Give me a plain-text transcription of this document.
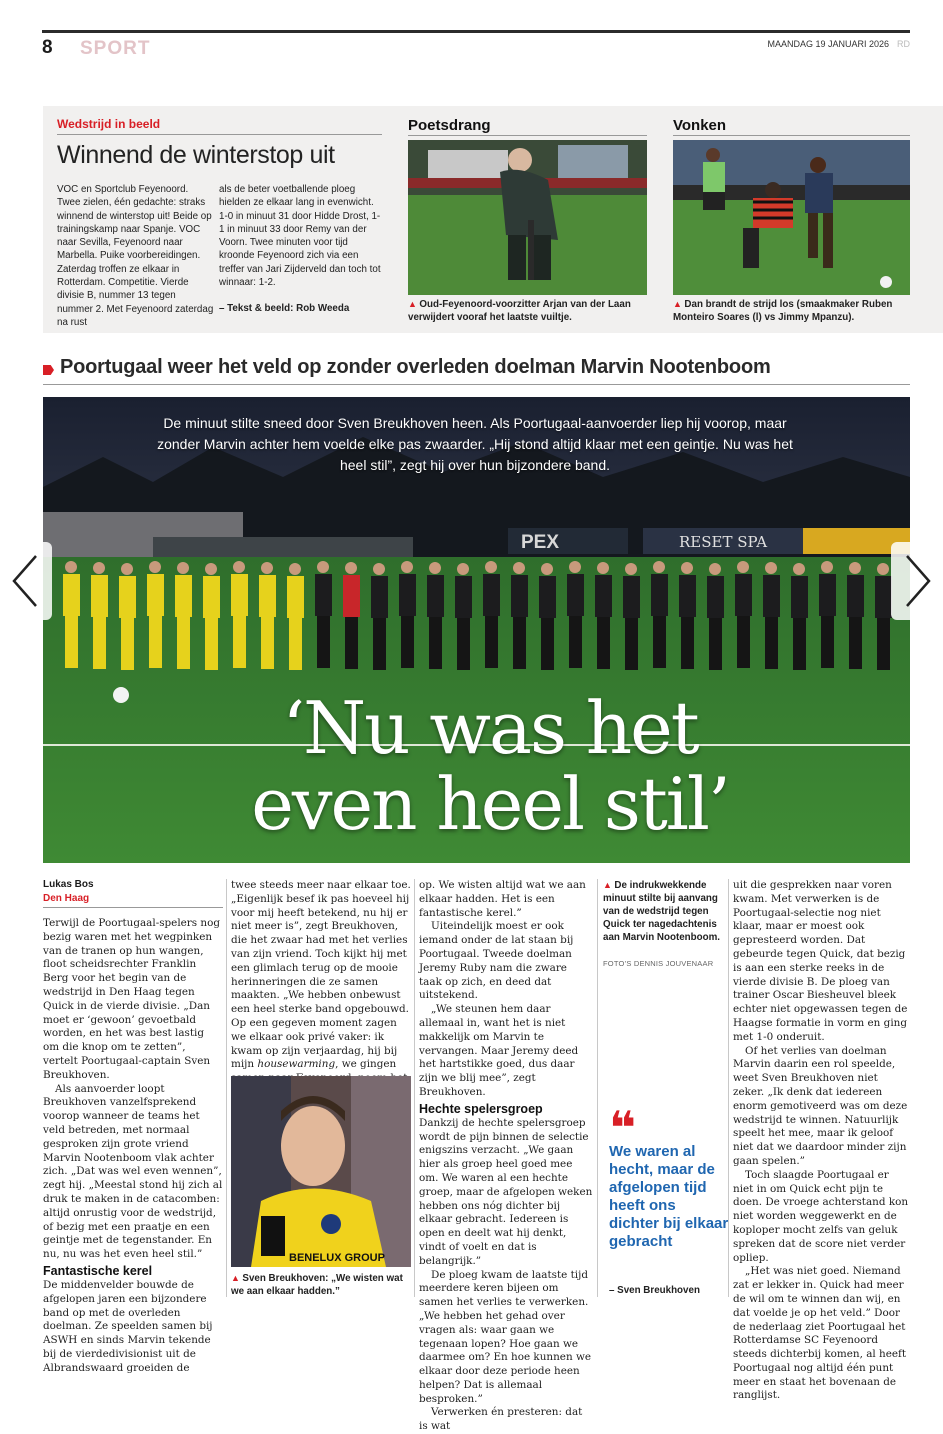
8 SPORT	MAANDAG 19 JANUARI 2026 RD
Wedstrijd in beeld
Winnend de winterstop uit
VOC en Sportclub Feyenoord. Twee zielen, één gedachte: straks winnend de winterstop uit! Beide op trainingskamp naar Spanje. VOC naar Sevilla, Feyenoord naar Marbella. Puike voorbereidingen. Zaterdag troffen ze elkaar in Rotterdam. Competitie. Vierde divisie B, nummer 13 tegen nummer 2. Met Feyenoord zaterdag na rust
als de beter voetballende ploeg hielden ze elkaar lang in evenwicht. 1-0 in minuut 31 door Hidde Drost, 1-1 in minuut 33 door Remy van der Voorn. Twee minuten voor tijd kroonde Feyenoord zich via een treffer van Jari Zijderveld dan toch tot winnaar: 1-2.
– Tekst & beeld: Rob Weeda
Poetsdrang
▲ Oud-Feyenoord-voorzitter Arjan van der Laan verwijdert vooraf het laatste vuiltje.
Vonken
▲ Dan brandt de strijd los (smaakmaker Ruben Monteiro Soares (l) vs Jimmy Mpanzu).
Poortugaal weer het veld op zonder overleden doelman Marvin Nootenboom
PEX	RESET SPA
De minuut stilte sneed door Sven Breukhoven heen. Als Poortugaal-aanvoerder liep hij voorop, maar zonder Marvin achter hem voelde elke pas zwaarder. „Hij stond altijd klaar met een geintje. Nu was het heel stil”, zegt hij over hun bijzondere band.
‘Nu was het
even heel stil’
Lukas Bos
Den Haag

Terwijl de Poortugaal-spelers nog bezig waren met het wegpinken van de tranen op hun wangen, floot scheidsrechter Franklin Berg voor het begin van de wedstrijd in Den Haag tegen Quick in de vierde divisie. „Dan moet er ‘gewoon’ gevoetbald worden, en het was best lastig om die knop om te zetten”, vertelt Poortugaal-captain Sven Breukhoven.

Als aanvoerder loopt Breukhoven vanzelfsprekend voorop wanneer de teams het veld betreden, met normaal gesproken zijn grote vriend Marvin Nootenboom vlak achter zich. „Dat was wel even wennen”, zegt hij. „Meestal stond hij zich al druk te maken in de catacomben: altijd onrustig voor de wedstrijd, of bezig met een praatje en een geintje met de tegenstander. En nu, nu was het even heel stil.”

Fantastische kerel

De middenvelder bouwde de afgelopen jaren een bijzondere band op met de overleden doelman. Ze speelden samen bij ASWH en sinds Marvin tekende bij de vierdedivisionist uit de Albrandswaard groeiden de

twee steeds meer naar elkaar toe. „Eigenlijk besef ik pas hoeveel hij voor mij heeft betekend, nu hij er niet meer is”, zegt Breukhoven, die het zwaar had met het verlies van zijn vriend. Toch kijkt hij met een glimlach terug op de mooie herinneringen die ze samen maakten. „We hebben onbewust een heel sterke band opgebouwd. Op een gegeven moment zagen we elkaar ook privé vaker: ik kwam op zijn verjaardag, hij bij mijn housewarming, we gingen

BENELUX GROUP
▲ Sven Breukhoven: „We wisten wat we aan elkaar hadden.”

op. We wisten altijd wat we aan elkaar hadden. Het is een fantastische kerel.”

Uiteindelijk moest er ook iemand onder de lat staan bij Poortugaal. Tweede doelman Jeremy Ruby nam die zware taak op zich, en deed dat uitstekend.

„We steunen hem daar allemaal in, want het is niet makkelijk om Marvin te vervangen. Maar Jeremy deed het hartstikke goed, dus daar zijn we blij mee”, zegt Breukhoven.

Hechte spelersgroep

Dankzij de hechte spelersgroep wordt de pijn binnen de selectie enigszins verzacht. „We gaan hier als groep heel goed mee om. We waren al een hechte groep, maar de afgelopen weken hebben ons nóg dichter bij elkaar gebracht. Iedereen is open en deelt wat hij denkt, vindt of voelt en dat is belangrijk.”

De ploeg kwam de laatste tijd meerdere keren bijeen om samen het verlies te verwerken. „We hebben het gehad over vragen als: waar gaan we tegenaan lopen? Hoe gaan we daarmee om? En hoe kunnen we elkaar door deze periode heen helpen? Dat is allemaal besproken.”

Verwerken én presteren: dat is wat

▲ De indrukwekkende minuut stilte bij aanvang van de wedstrijd tegen Quick ter nagedachtenis aan Marvin Nootenboom.
FOTO’S DENNIS JOUVENAAR
❝
We waren al hecht, maar de afgelopen tijd heeft ons dichter bij elkaar gebracht
– Sven Breukhoven

uit die gesprekken naar voren kwam. Met verwerken is de Poortugaal-selectie nog niet klaar, maar er moest ook gepresteerd worden. Dat gebeurde tegen Quick, dat bezig is aan een sterke reeks in de vierde divisie B. De ploeg van trainer Oscar Biesheuvel bleek echter niet opgewassen tegen de Haagse formatie in vorm en ging met 1-0 onderuit.

Of het verlies van doelman Marvin daarin een rol speelde, weet Sven Breukhoven niet zeker. „Ik denk dat iedereen enorm gemotiveerd was om deze wedstrijd te winnen. Natuurlijk speelt het mee, maar ik geloof niet dat we daardoor minder zijn gaan spelen.”

Toch slaagde Poortugaal er niet in om Quick echt pijn te doen. De vroege achterstand kon niet worden weggewerkt en de koploper mocht zelfs van geluk spreken dat de score niet verder opliep.

„Het was niet goed. Niemand zat er lekker in. Quick had meer de wil om te winnen dan wij, en dat voelde je op het veld.” Door de nederlaag ziet Poortugaal het Rotterdamse SC Feyenoord steeds dichterbij komen, al heeft Poortugaal nog altijd één punt meer en staat het bovenaan de ranglijst.
